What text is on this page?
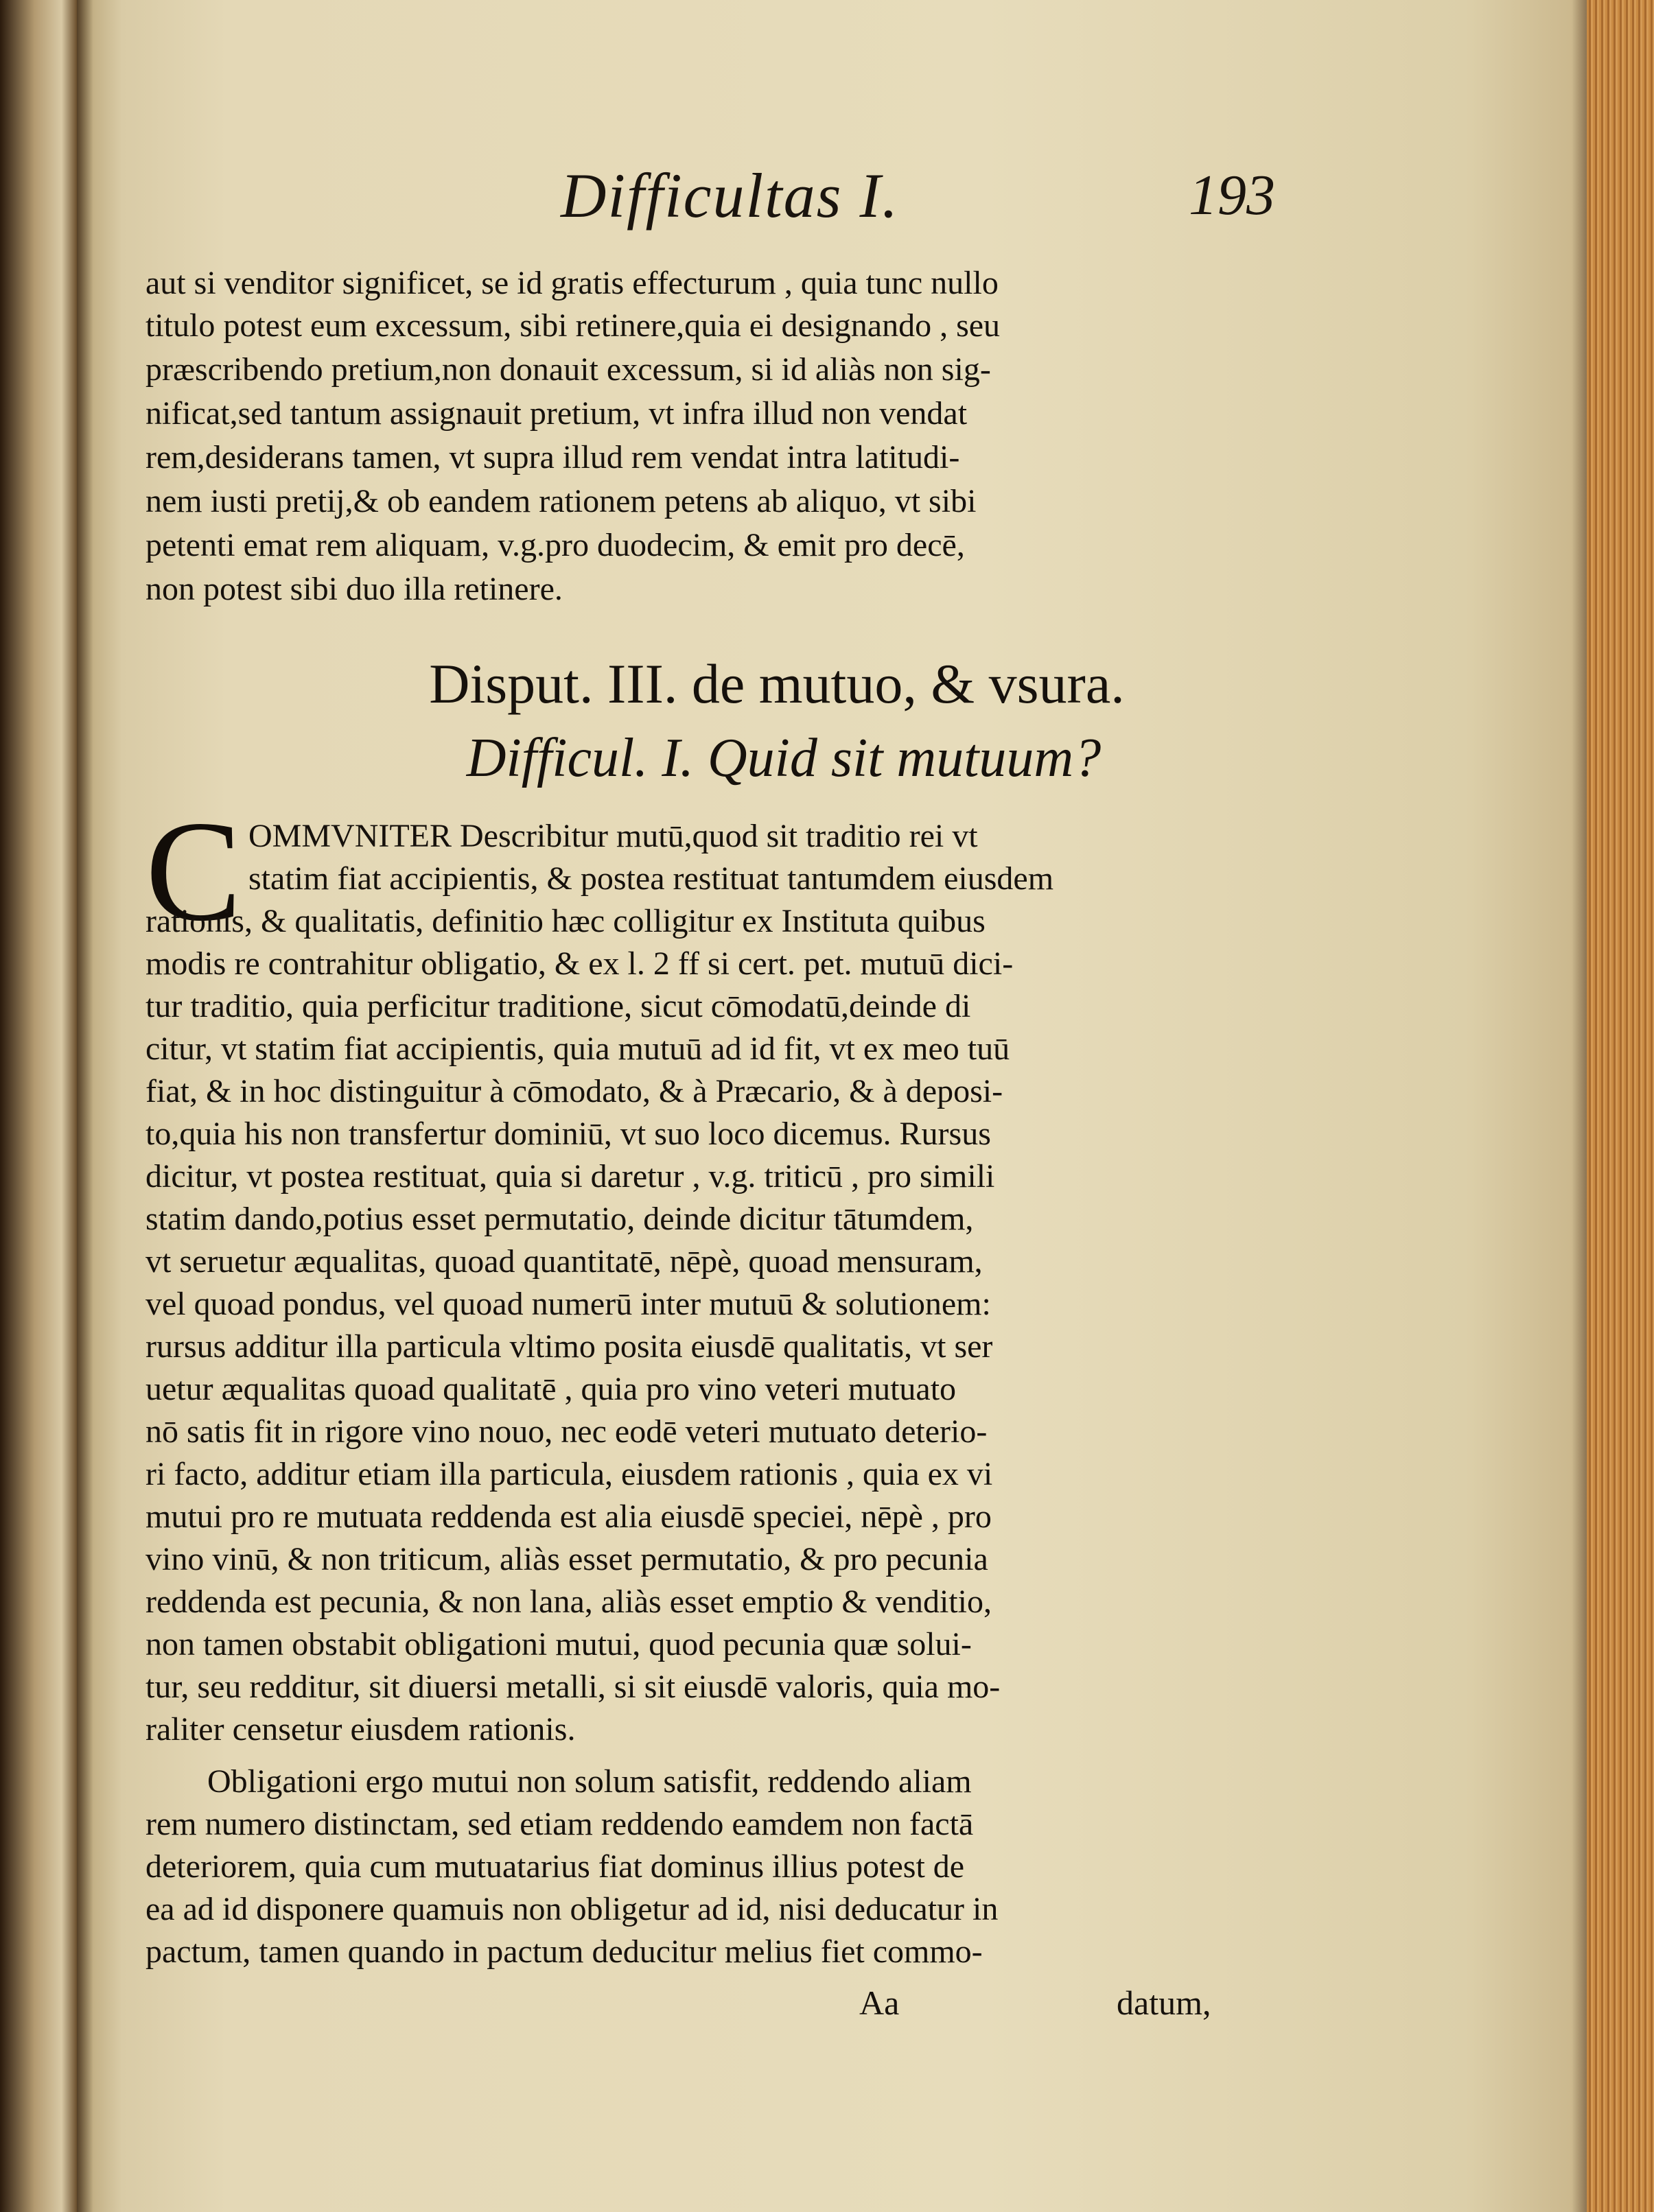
Difficultas I.	193
aut si venditor significet, se id gratis effecturum , quia tunc nullo
titulo potest eum excessum, sibi retinere,quia ei designando , seu
præscribendo pretium,non donauit excessum, si id aliàs non sig-
nificat,sed tantum assignauit pretium, vt infra illud non vendat
rem,desiderans tamen, vt supra illud rem vendat intra latitudi-
nem iusti pretij,& ob eandem rationem petens ab aliquo, vt sibi
petenti emat rem aliquam, v.g.pro duodecim, & emit pro decē,
non potest sibi duo illa retinere.
Disput. III. de mutuo, & vsura.
Difficul. I. Quid sit mutuum?
C OMMVNITER Describitur mutū,quod sit traditio rei vt
statim fiat accipientis, & postea restituat tantumdem eiusdem
rationis, & qualitatis, definitio hæc colligitur ex Instituta quibus
modis re contrahitur obligatio, & ex l. 2 ff si cert. pet. mutuū dici-
tur traditio, quia perficitur traditione, sicut cōmodatū,deinde di
citur, vt statim fiat accipientis, quia mutuū ad id fit, vt ex meo tuū
fiat, & in hoc distinguitur à cōmodato, & à Præcario, & à deposi-
to,quia his non transfertur dominiū, vt suo loco dicemus. Rursus
dicitur, vt postea restituat, quia si daretur , v.g. triticū , pro simili
statim dando,potius esset permutatio, deinde dicitur tātumdem,
vt seruetur æqualitas, quoad quantitatē, nēpè, quoad mensuram,
vel quoad pondus, vel quoad numerū inter mutuū & solutionem:
rursus additur illa particula vltimo posita eiusdē qualitatis, vt ser
uetur æqualitas quoad qualitatē , quia pro vino veteri mutuato
nō satis fit in rigore vino nouo, nec eodē veteri mutuato deterio-
ri facto, additur etiam illa particula, eiusdem rationis , quia ex vi
mutui pro re mutuata reddenda est alia eiusdē speciei, nēpè , pro
vino vinū, & non triticum, aliàs esset permutatio, & pro pecunia
reddenda est pecunia, & non lana, aliàs esset emptio & venditio,
non tamen obstabit obligationi mutui, quod pecunia quæ solui-
tur, seu redditur, sit diuersi metalli, si sit eiusdē valoris, quia mo-
raliter censetur eiusdem rationis.
Obligationi ergo mutui non solum satisfit, reddendo aliam
rem numero distinctam, sed etiam reddendo eamdem non factā
deteriorem, quia cum mutuatarius fiat dominus illius potest de
ea ad id disponere quamuis non obligetur ad id, nisi deducatur in
pactum, tamen quando in pactum deducitur melius fiet commo-
Aa	datum,
